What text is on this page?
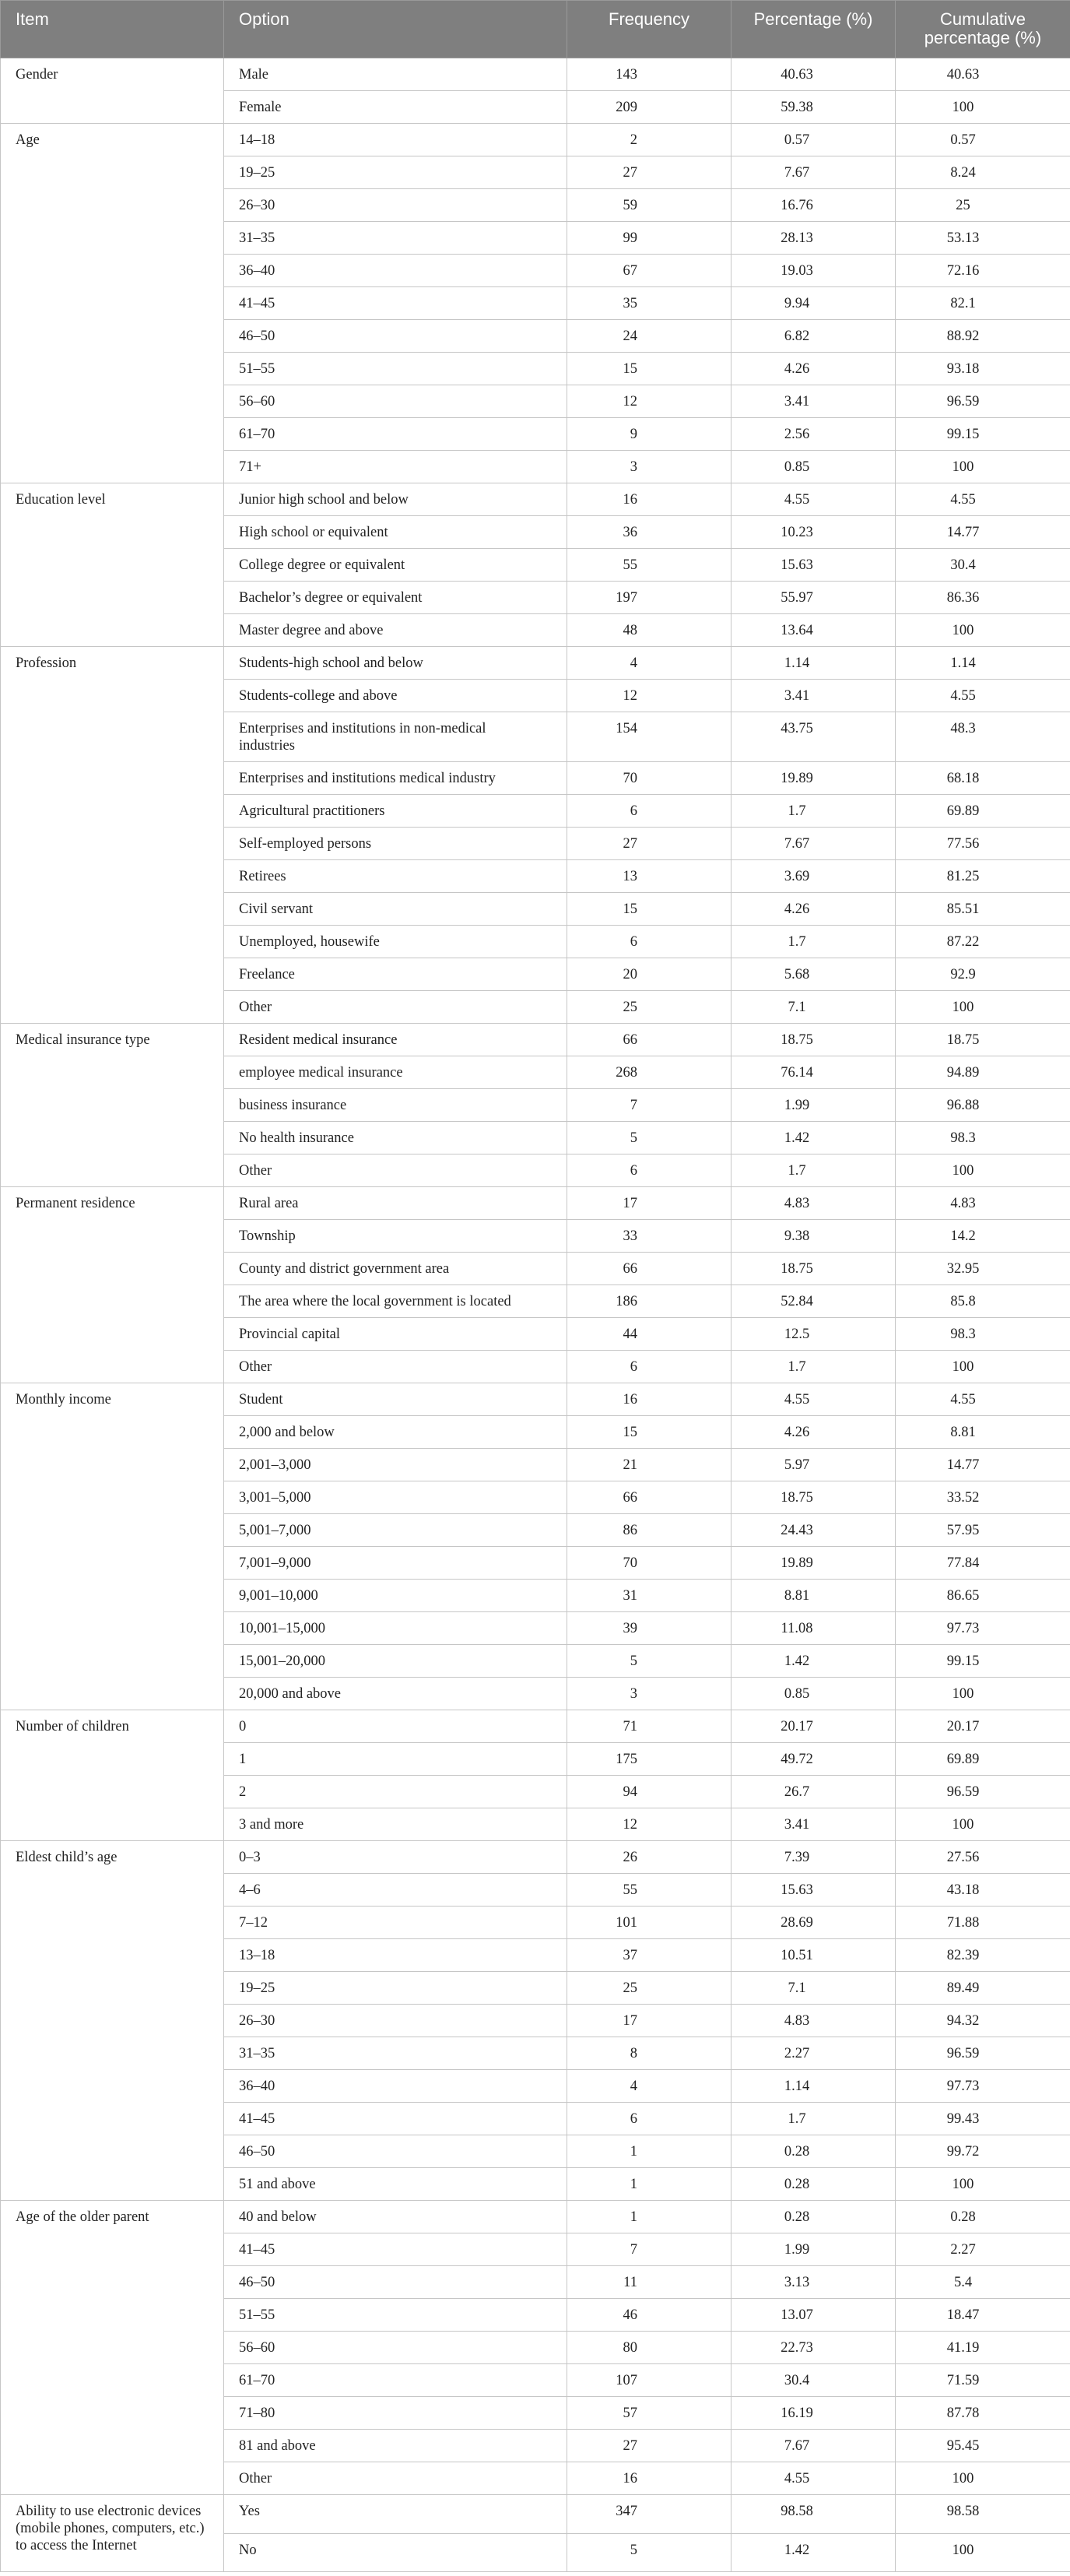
Item	Option	Frequency	Percentage (%)	Cumulative percentage (%)
Gender	Male	143	40.63	40.63
	Female	209	59.38	100
Age	14–18	2	0.57	0.57
	19–25	27	7.67	8.24
	26–30	59	16.76	25
	31–35	99	28.13	53.13
	36–40	67	19.03	72.16
	41–45	35	9.94	82.1
	46–50	24	6.82	88.92
	51–55	15	4.26	93.18
	56–60	12	3.41	96.59
	61–70	9	2.56	99.15
	71+	3	0.85	100
Education level	Junior high school and below	16	4.55	4.55
	High school or equivalent	36	10.23	14.77
	College degree or equivalent	55	15.63	30.4
	Bachelor’s degree or equivalent	197	55.97	86.36
	Master degree and above	48	13.64	100
Profession	Students-high school and below	4	1.14	1.14
	Students-college and above	12	3.41	4.55
	Enterprises and institutions in non-medical industries	154	43.75	48.3
	Enterprises and institutions medical industry	70	19.89	68.18
	Agricultural practitioners	6	1.7	69.89
	Self-employed persons	27	7.67	77.56
	Retirees	13	3.69	81.25
	Civil servant	15	4.26	85.51
	Unemployed, housewife	6	1.7	87.22
	Freelance	20	5.68	92.9
	Other	25	7.1	100
Medical insurance type	Resident medical insurance	66	18.75	18.75
	employee medical insurance	268	76.14	94.89
	business insurance	7	1.99	96.88
	No health insurance	5	1.42	98.3
	Other	6	1.7	100
Permanent residence	Rural area	17	4.83	4.83
	Township	33	9.38	14.2
	County and district government area	66	18.75	32.95
	The area where the local government is located	186	52.84	85.8
	Provincial capital	44	12.5	98.3
	Other	6	1.7	100
Monthly income	Student	16	4.55	4.55
	2,000 and below	15	4.26	8.81
	2,001–3,000	21	5.97	14.77
	3,001–5,000	66	18.75	33.52
	5,001–7,000	86	24.43	57.95
	7,001–9,000	70	19.89	77.84
	9,001–10,000	31	8.81	86.65
	10,001–15,000	39	11.08	97.73
	15,001–20,000	5	1.42	99.15
	20,000 and above	3	0.85	100
Number of children	0	71	20.17	20.17
	1	175	49.72	69.89
	2	94	26.7	96.59
	3 and more	12	3.41	100
Eldest child’s age	0–3	26	7.39	27.56
	4–6	55	15.63	43.18
	7–12	101	28.69	71.88
	13–18	37	10.51	82.39
	19–25	25	7.1	89.49
	26–30	17	4.83	94.32
	31–35	8	2.27	96.59
	36–40	4	1.14	97.73
	41–45	6	1.7	99.43
	46–50	1	0.28	99.72
	51 and above	1	0.28	100
Age of the older parent	40 and below	1	0.28	0.28
	41–45	7	1.99	2.27
	46–50	11	3.13	5.4
	51–55	46	13.07	18.47
	56–60	80	22.73	41.19
	61–70	107	30.4	71.59
	71–80	57	16.19	87.78
	81 and above	27	7.67	95.45
	Other	16	4.55	100
Ability to use electronic devices (mobile phones, computers, etc.) to access the Internet	Yes	347	98.58	98.58
	No	5	1.42	100
